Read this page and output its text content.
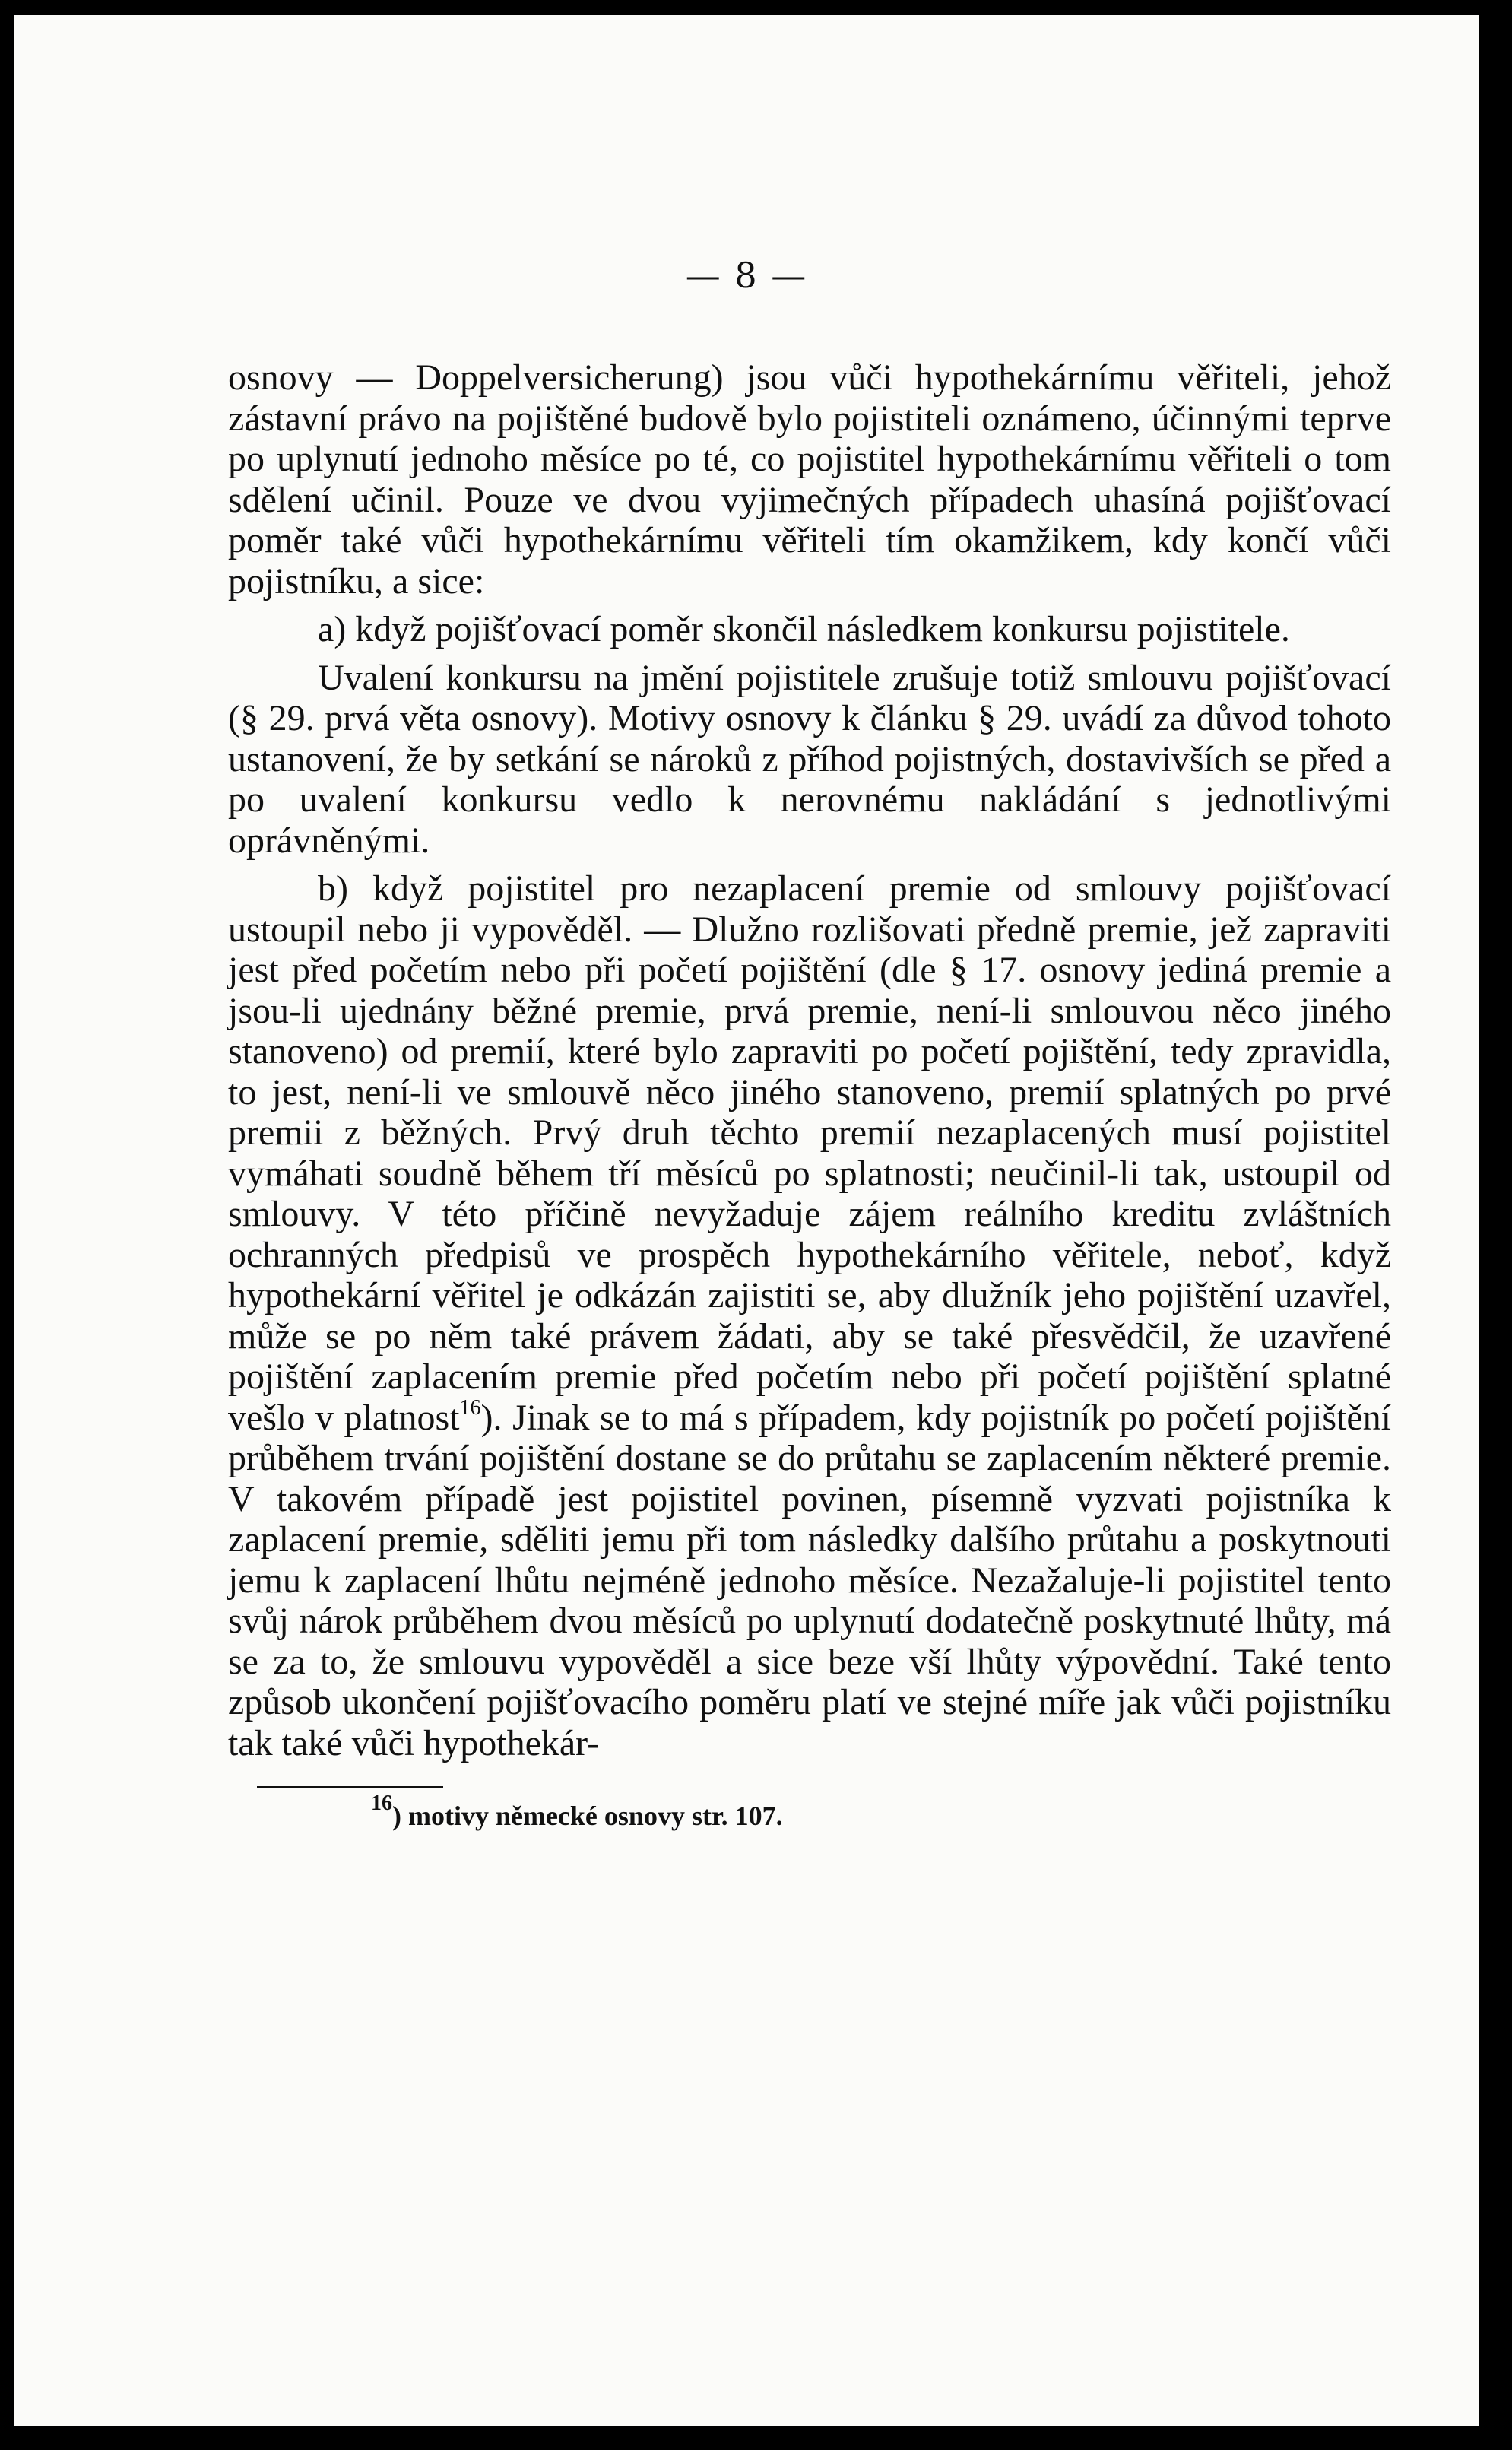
— 8 —

osnovy — Doppelversicherung) jsou vůči hypothekárnímu věřiteli, jehož zástavní právo na pojištěné budově bylo pojistiteli oznámeno, účinnými teprve po uplynutí jednoho měsíce po té, co pojistitel hypothekárnímu věřiteli o tom sdělení učinil. Pouze ve dvou vyjimečných případech uhasíná pojišťovací poměr také vůči hypothekárnímu věřiteli tím okamžikem, kdy končí vůči pojistníku, a sice:

a) když pojišťovací poměr skončil následkem konkursu pojistitele.

Uvalení konkursu na jmění pojistitele zrušuje totiž smlouvu pojišťovací (§ 29. prvá věta osnovy). Motivy osnovy k článku § 29. uvádí za důvod tohoto ustanovení, že by setkání se nároků z příhod pojistných, dostavivších se před a po uvalení konkursu vedlo k nerovnému nakládání s jednotlivými oprávněnými.

b) když pojistitel pro nezaplacení premie od smlouvy pojišťovací ustoupil nebo ji vypověděl. — Dlužno rozlišovati předně premie, jež zapraviti jest před početím nebo při početí pojištění (dle § 17. osnovy jediná premie a jsou-li ujednány běžné premie, prvá premie, není-li smlouvou něco jiného stanoveno) od premií, které bylo zapraviti po početí pojištění, tedy zpravidla, to jest, není-li ve smlouvě něco jiného stanoveno, premií splatných po prvé premii z běžných. Prvý druh těchto premií nezaplacených musí pojistitel vymáhati soudně během tří měsíců po splatnosti; neučinil-li tak, ustoupil od smlouvy. V této příčině nevyžaduje zájem reálního kreditu zvláštních ochranných předpisů ve prospěch hypothekárního věřitele, neboť, když hypothekární věřitel je odkázán zajistiti se, aby dlužník jeho pojištění uzavřel, může se po něm také právem žádati, aby se také přesvědčil, že uzavřené pojištění zaplacením premie před početím nebo při početí pojištění splatné vešlo v platnost$^{16}$). Jinak se to má s případem, kdy pojistník po početí pojištění průběhem trvání pojištění dostane se do průtahu se zaplacením některé premie. V takovém případě jest pojistitel povinen, písemně vyzvati pojistníka k zaplacení premie, sděliti jemu při tom následky dalšího průtahu a poskytnouti jemu k zaplacení lhůtu nejméně jednoho měsíce. Nezažaluje-li pojistitel tento svůj nárok průběhem dvou měsíců po uplynutí dodatečně poskytnuté lhůty, má se za to, že smlouvu vypověděl a sice beze vší lhůty výpovědní. Také tento způsob ukončení pojišťovacího poměru platí ve stejné míře jak vůči pojistníku tak také vůči hypothekár-

$^{16}$) motivy německé osnovy str. 107.
